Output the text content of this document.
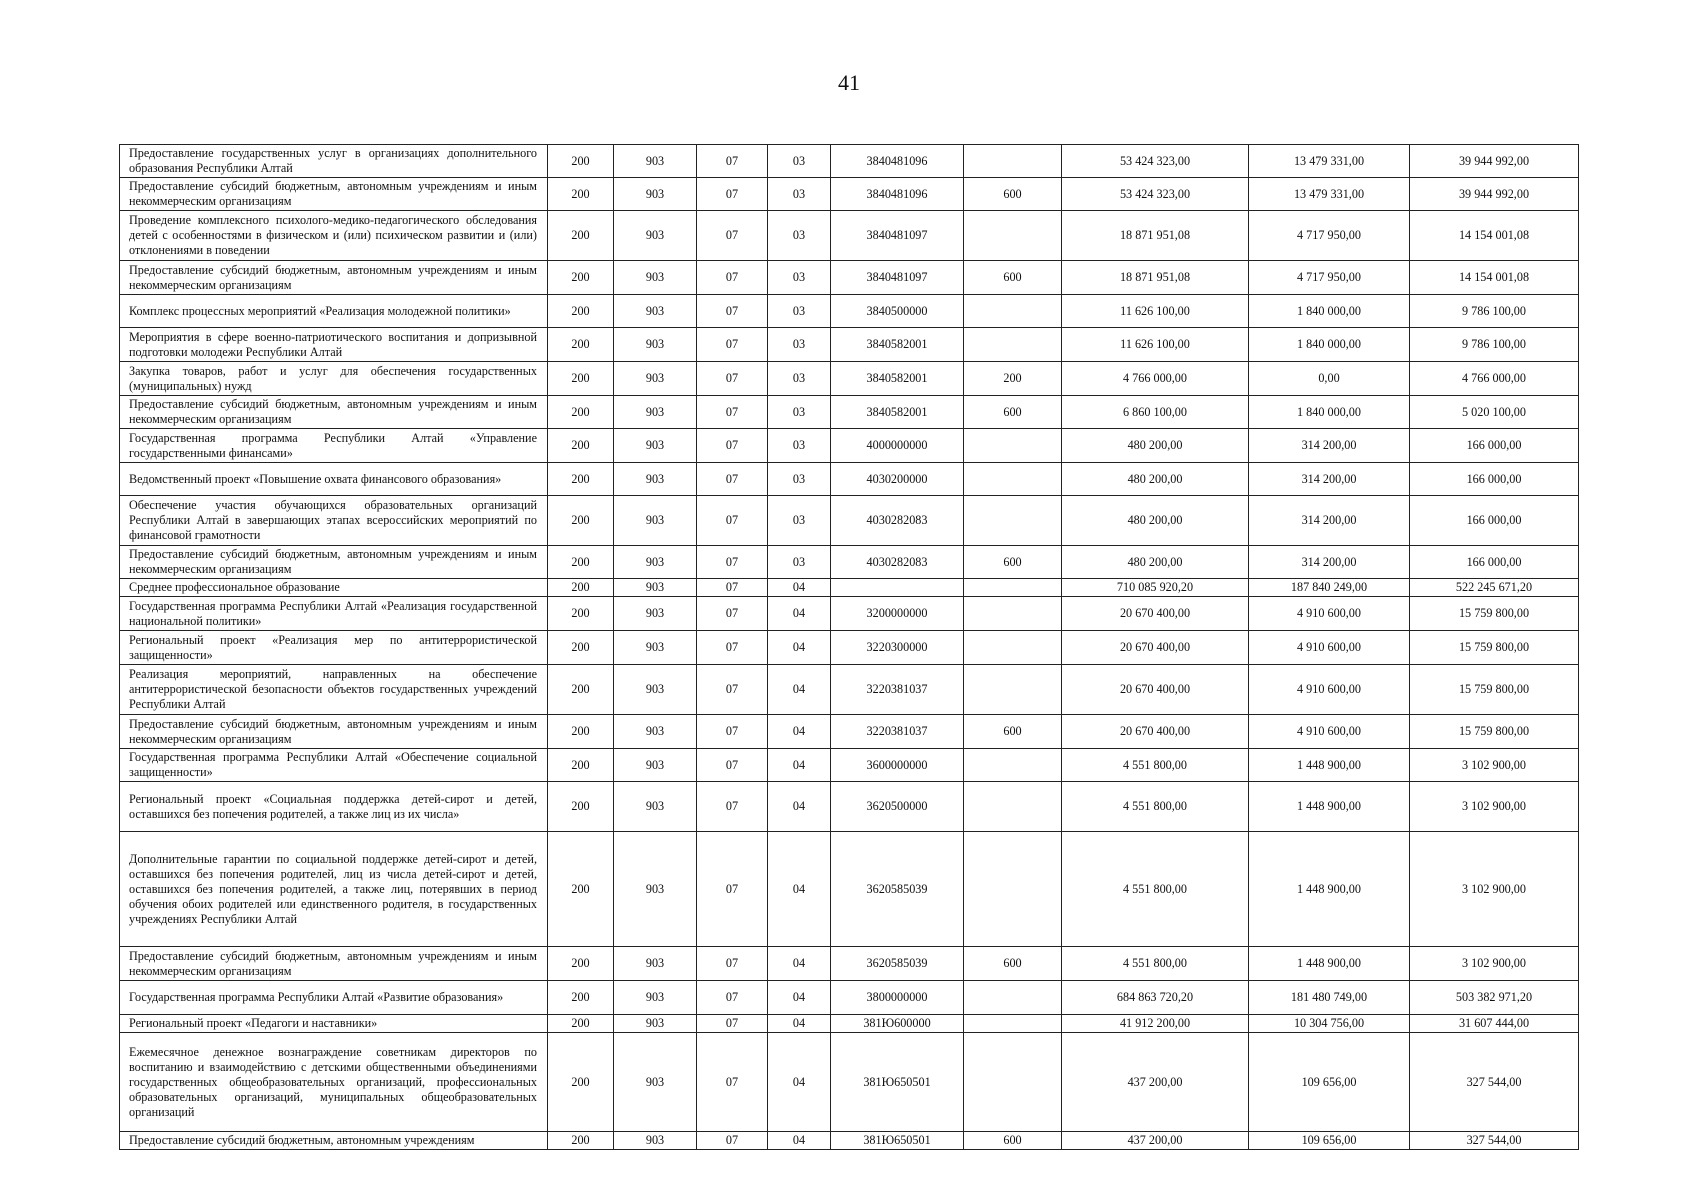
41
Предоставление государственных услуг в организациях дополнительного образования Республики Алтай	200	903	07	03	3840481096		53 424 323,00	13 479 331,00	39 944 992,00
Предоставление субсидий бюджетным, автономным учреждениям и иным некоммерческим организациям	200	903	07	03	3840481096	600	53 424 323,00	13 479 331,00	39 944 992,00
Проведение комплексного психолого-медико-педагогического обследования детей с особенностями в физическом и (или) психическом развитии и (или) отклонениями в поведении	200	903	07	03	3840481097		18 871 951,08	4 717 950,00	14 154 001,08
Предоставление субсидий бюджетным, автономным учреждениям и иным некоммерческим организациям	200	903	07	03	3840481097	600	18 871 951,08	4 717 950,00	14 154 001,08
Комплекс процессных мероприятий «Реализация молодежной политики»	200	903	07	03	3840500000		11 626 100,00	1 840 000,00	9 786 100,00
Мероприятия в сфере военно-патриотического воспитания и допризывной подготовки молодежи Республики Алтай	200	903	07	03	3840582001		11 626 100,00	1 840 000,00	9 786 100,00
Закупка товаров, работ и услуг для обеспечения государственных (муниципальных) нужд	200	903	07	03	3840582001	200	4 766 000,00	0,00	4 766 000,00
Предоставление субсидий бюджетным, автономным учреждениям и иным некоммерческим организациям	200	903	07	03	3840582001	600	6 860 100,00	1 840 000,00	5 020 100,00
Государственная программа Республики Алтай «Управление государственными финансами»	200	903	07	03	4000000000		480 200,00	314 200,00	166 000,00
Ведомственный проект «Повышение охвата финансового образования»	200	903	07	03	4030200000		480 200,00	314 200,00	166 000,00
Обеспечение участия обучающихся образовательных организаций Республики Алтай в завершающих этапах всероссийских мероприятий по финансовой грамотности	200	903	07	03	4030282083		480 200,00	314 200,00	166 000,00
Предоставление субсидий бюджетным, автономным учреждениям и иным некоммерческим организациям	200	903	07	03	4030282083	600	480 200,00	314 200,00	166 000,00
Среднее профессиональное образование	200	903	07	04			710 085 920,20	187 840 249,00	522 245 671,20
Государственная программа Республики Алтай «Реализация государственной национальной политики»	200	903	07	04	3200000000		20 670 400,00	4 910 600,00	15 759 800,00
Региональный проект «Реализация мер по антитеррористической защищенности»	200	903	07	04	3220300000		20 670 400,00	4 910 600,00	15 759 800,00
Реализация мероприятий, направленных на обеспечение антитеррористической безопасности объектов государственных учреждений Республики Алтай	200	903	07	04	3220381037		20 670 400,00	4 910 600,00	15 759 800,00
Предоставление субсидий бюджетным, автономным учреждениям и иным некоммерческим организациям	200	903	07	04	3220381037	600	20 670 400,00	4 910 600,00	15 759 800,00
Государственная программа Республики Алтай «Обеспечение социальной защищенности»	200	903	07	04	3600000000		4 551 800,00	1 448 900,00	3 102 900,00
Региональный проект «Социальная поддержка детей-сирот и детей, оставшихся без попечения родителей, а также лиц из их числа»	200	903	07	04	3620500000		4 551 800,00	1 448 900,00	3 102 900,00
Дополнительные гарантии по социальной поддержке детей-сирот и детей, оставшихся без попечения родителей, лиц из числа детей-сирот и детей, оставшихся без попечения родителей, а также лиц, потерявших в период обучения обоих родителей или единственного родителя, в государственных учреждениях Республики Алтай	200	903	07	04	3620585039		4 551 800,00	1 448 900,00	3 102 900,00
Предоставление субсидий бюджетным, автономным учреждениям и иным некоммерческим организациям	200	903	07	04	3620585039	600	4 551 800,00	1 448 900,00	3 102 900,00
Государственная программа Республики Алтай «Развитие образования»	200	903	07	04	3800000000		684 863 720,20	181 480 749,00	503 382 971,20
Региональный проект «Педагоги и наставники»	200	903	07	04	381Ю600000		41 912 200,00	10 304 756,00	31 607 444,00
Ежемесячное денежное вознаграждение советникам директоров по воспитанию и взаимодействию с детскими общественными объединениями государственных общеобразовательных организаций, профессиональных образовательных организаций, муниципальных общеобразовательных организаций	200	903	07	04	381Ю650501		437 200,00	109 656,00	327 544,00
Предоставление субсидий бюджетным, автономным учреждениям	200	903	07	04	381Ю650501	600	437 200,00	109 656,00	327 544,00
